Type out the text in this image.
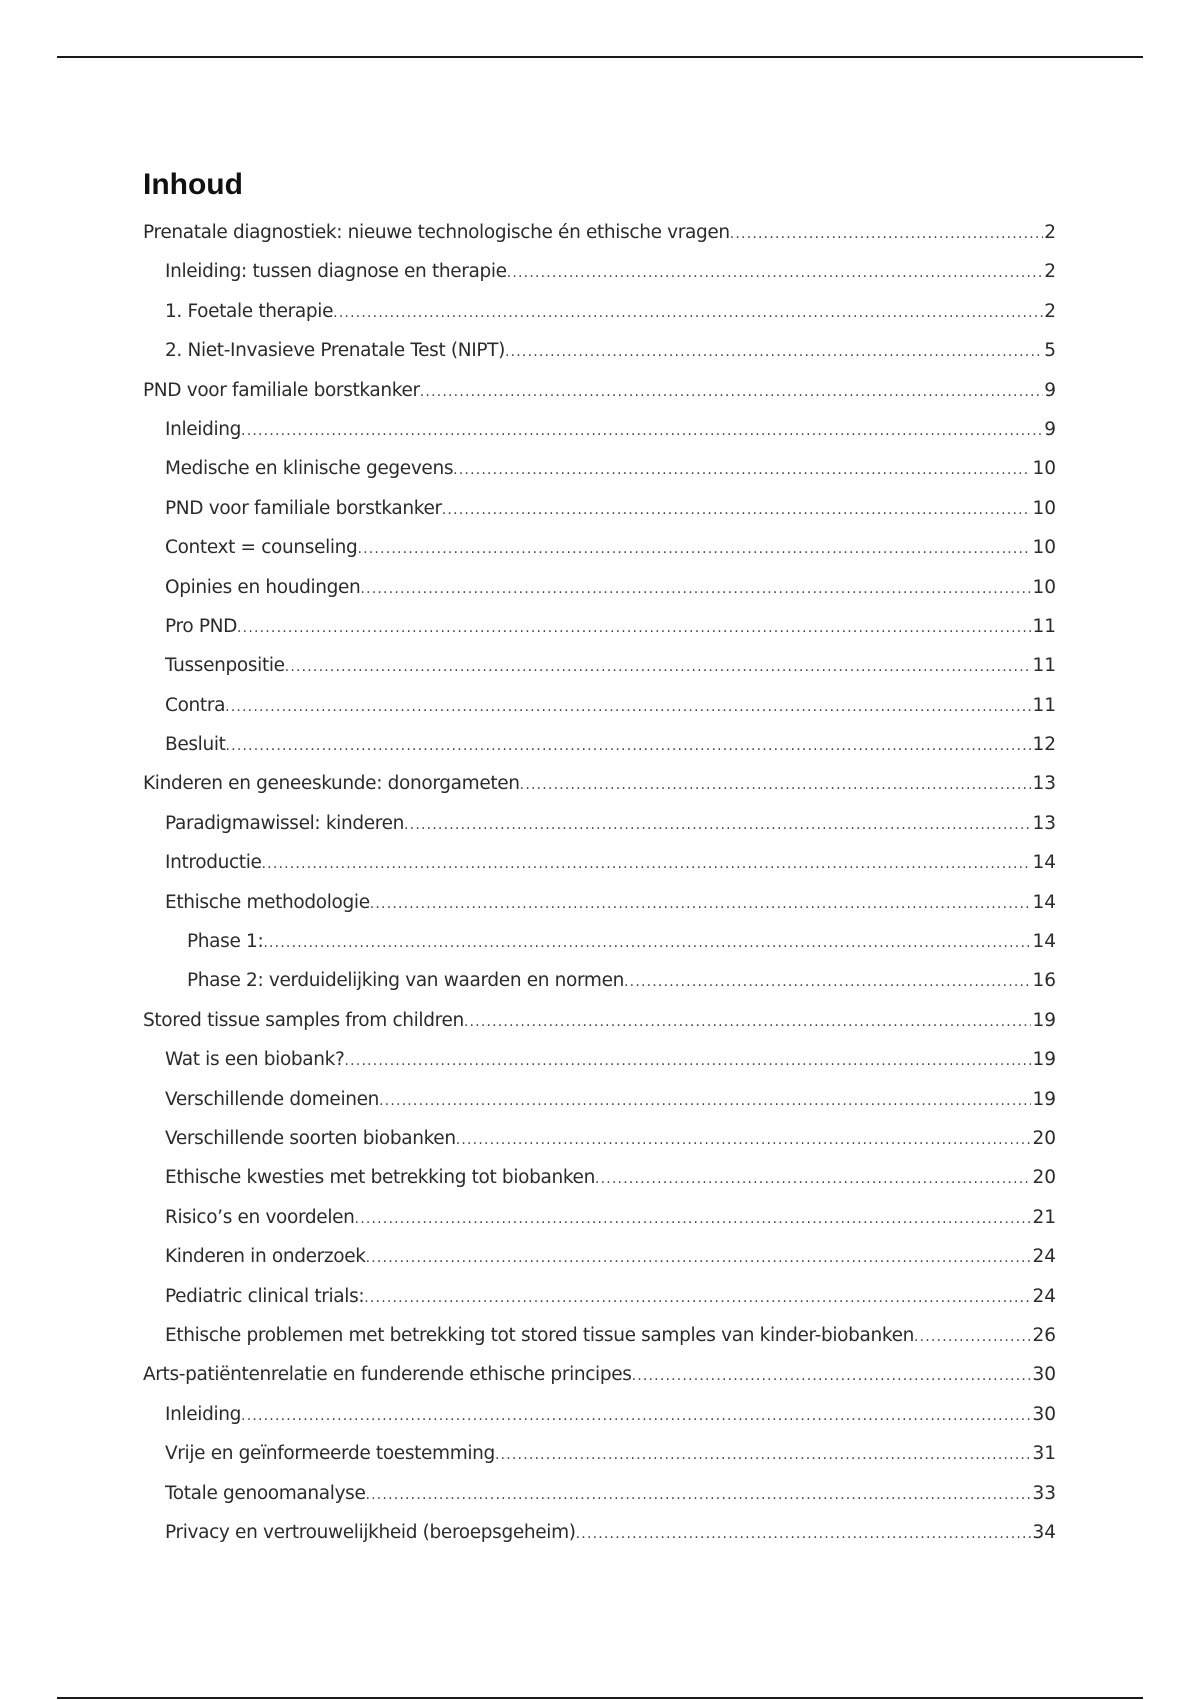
Inhoud
Prenatale diagnostiek: nieuwe technologische én ethische vragen .....	2
Inleiding: tussen diagnose en therapie .....	2
1. Foetale therapie .....	2
2. Niet-Invasieve Prenatale Test (NIPT) .....	5
PND voor familiale borstkanker .....	9
Inleiding .....	9
Medische en klinische gegevens .....	10
PND voor familiale borstkanker .....	10
Context = counseling .....	10
Opinies en houdingen .....	10
Pro PND .....	11
Tussenpositie .....	11
Contra .....	11
Besluit .....	12
Kinderen en geneeskunde: donorgameten .....	13
Paradigmawissel: kinderen .....	13
Introductie .....	14
Ethische methodologie .....	14
Phase 1: .....	14
Phase 2: verduidelijking van waarden en normen .....	16
Stored tissue samples from children .....	19
Wat is een biobank? .....	19
Verschillende domeinen .....	19
Verschillende soorten biobanken .....	20
Ethische kwesties met betrekking tot biobanken .....	20
Risico’s en voordelen .....	21
Kinderen in onderzoek .....	24
Pediatric clinical trials: .....	24
Ethische problemen met betrekking tot stored tissue samples van kinder-biobanken .....	26
Arts-patiëntenrelatie en funderende ethische principes .....	30
Inleiding .....	30
Vrije en geïnformeerde toestemming .....	31
Totale genoomanalyse .....	33
Privacy en vertrouwelijkheid (beroepsgeheim) .....	34
